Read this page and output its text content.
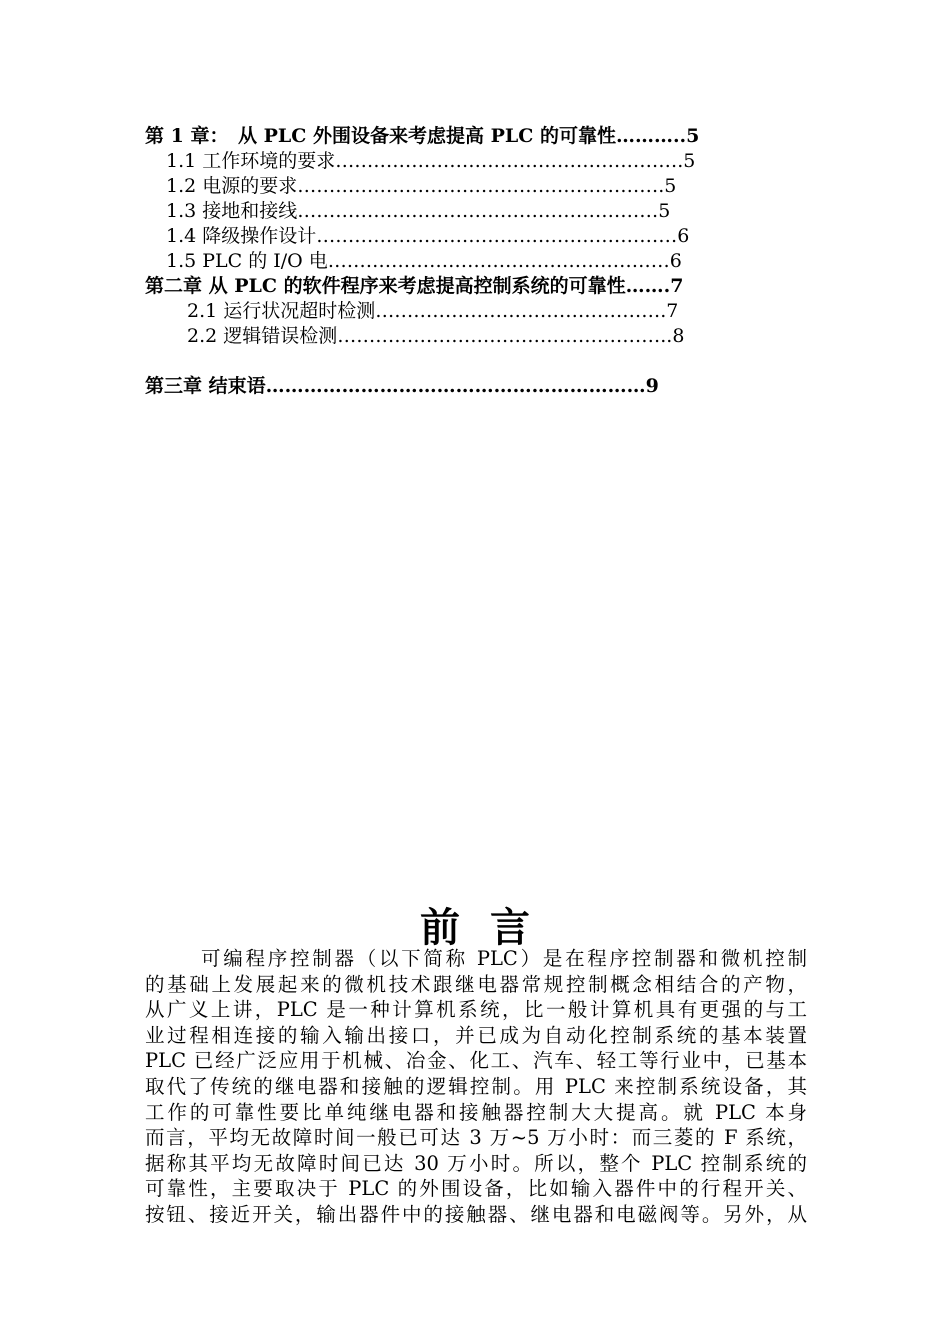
第 1 章：　从 PLC 外围设备来考虑提高 PLC 的可靠性………..5
1.1 工作环境的要求……………………………………………….5
1.2 电源的要求………………………………………………….5
1.3 接地和接线…………………………………………………5
1.4 降级操作设计…………………………………………………6
1.5 PLC 的 I/O 电………………………………………………6
第二章 从 PLC 的软件程序来考虑提高控制系统的可靠性…….7
2.1 运行状况超时检测……………………………………….7
2.2 逻辑错误检测……………………………………………..8
第三章 结束语……………………………………………………9
前言

可编程序控制器（以下简称 PLC）是在程序控制器和微机控制

的基础上发展起来的微机技术跟继电器常规控制概念相结合的产物，

从广义上讲，PLC 是一种计算机系统，比一般计算机具有更强的与工

业过程相连接的输入输出接口，并已成为自动化控制系统的基本装置

PLC 已经广泛应用于机械、冶金、化工、汽车、轻工等行业中，已基本

取代了传统的继电器和接触的逻辑控制。用 PLC 来控制系统设备，其

工作的可靠性要比单纯继电器和接触器控制大大提高。就 PLC 本身

而言，平均无故障时间一般已可达 3 万~5 万小时：而三菱的 F 系统，

据称其平均无故障时间已达 30 万小时。所以，整个 PLC 控制系统的

可靠性，主要取决于 PLC 的外围设备，比如输入器件中的行程开关、

按钮、接近开关，输出器件中的接触器、继电器和电磁阀等。另外，从
